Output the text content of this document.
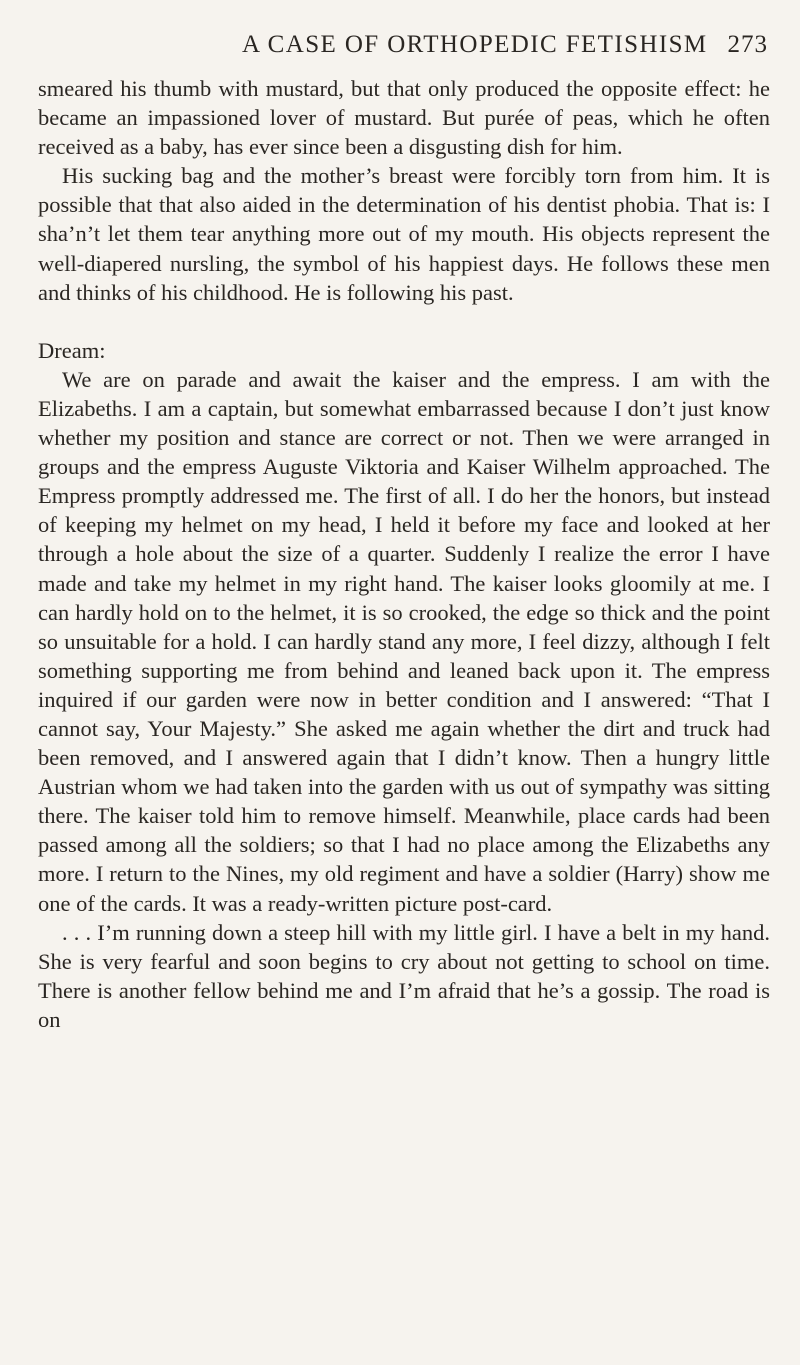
A CASE OF ORTHOPEDIC FETISHISM 273

smeared his thumb with mustard, but that only produced the opposite effect: he became an impassioned lover of mustard. But purée of peas, which he often received as a baby, has ever since been a disgusting dish for him.

His sucking bag and the mother’s breast were forcibly torn from him. It is possible that that also aided in the determination of his dentist phobia. That is: I sha’n’t let them tear anything more out of my mouth. His objects represent the well-diapered nursling, the symbol of his happiest days. He follows these men and thinks of his childhood. He is following his past.

Dream:

We are on parade and await the kaiser and the empress. I am with the Elizabeths. I am a captain, but somewhat embarrassed because I don’t just know whether my position and stance are correct or not. Then we were arranged in groups and the empress Auguste Viktoria and Kaiser Wilhelm approached. The Empress promptly addressed me. The first of all. I do her the honors, but instead of keeping my helmet on my head, I held it before my face and looked at her through a hole about the size of a quarter. Suddenly I realize the error I have made and take my helmet in my right hand. The kaiser looks gloomily at me. I can hardly hold on to the helmet, it is so crooked, the edge so thick and the point so unsuitable for a hold. I can hardly stand any more, I feel dizzy, although I felt something supporting me from behind and leaned back upon it. The empress inquired if our garden were now in better condition and I answered: “That I cannot say, Your Majesty.” She asked me again whether the dirt and truck had been removed, and I answered again that I didn’t know. Then a hungry little Austrian whom we had taken into the garden with us out of sympathy was sitting there. The kaiser told him to remove himself. Meanwhile, place cards had been passed among all the soldiers; so that I had no place among the Elizabeths any more. I return to the Nines, my old regiment and have a soldier (Harry) show me one of the cards. It was a ready-written picture post-card.

. . . I’m running down a steep hill with my little girl. I have a belt in my hand. She is very fearful and soon begins to cry about not getting to school on time. There is another fellow behind me and I’m afraid that he’s a gossip. The road is on
